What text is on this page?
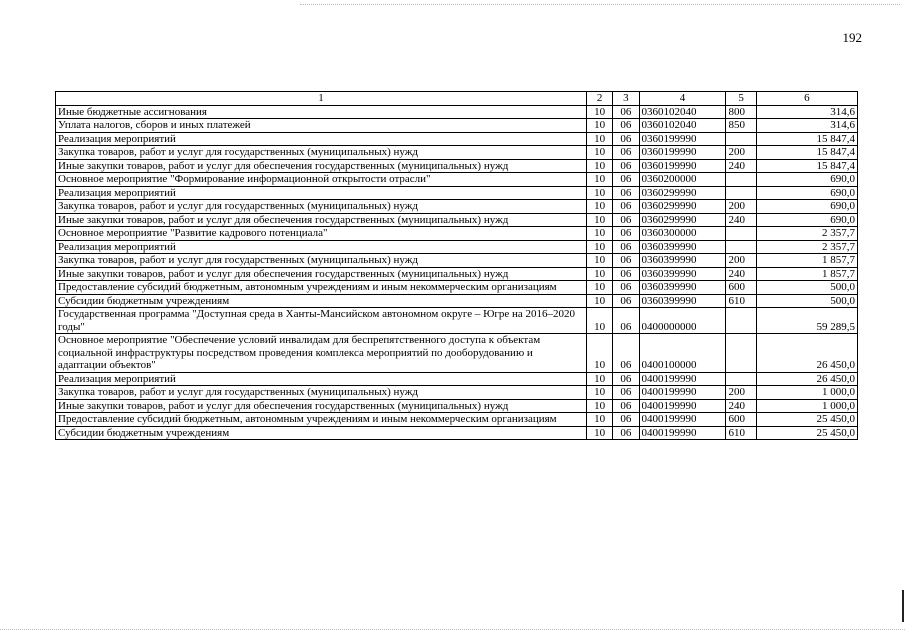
192
1	2	3	4	5	6
Иные бюджетные ассигнования	10	06	0360102040	800	314,6
Уплата налогов, сборов и иных платежей	10	06	0360102040	850	314,6
Реализация мероприятий	10	06	0360199990		15 847,4
Закупка товаров, работ и услуг для государственных (муниципальных) нужд	10	06	0360199990	200	15 847,4
Иные закупки товаров, работ и услуг для обеспечения государственных (муниципальных) нужд	10	06	0360199990	240	15 847,4
Основное мероприятие "Формирование информационной открытости отрасли"	10	06	0360200000		690,0
Реализация мероприятий	10	06	0360299990		690,0
Закупка товаров, работ и услуг для государственных (муниципальных) нужд	10	06	0360299990	200	690,0
Иные закупки товаров, работ и услуг для обеспечения государственных (муниципальных) нужд	10	06	0360299990	240	690,0
Основное мероприятие "Развитие кадрового потенциала"	10	06	0360300000		2 357,7
Реализация мероприятий	10	06	0360399990		2 357,7
Закупка товаров, работ и услуг для государственных (муниципальных) нужд	10	06	0360399990	200	1 857,7
Иные закупки товаров, работ и услуг для обеспечения государственных (муниципальных) нужд	10	06	0360399990	240	1 857,7
Предоставление субсидий бюджетным, автономным учреждениям и иным некоммерческим организациям	10	06	0360399990	600	500,0
Субсидии бюджетным учреждениям	10	06	0360399990	610	500,0
Государственная программа "Доступная среда в Ханты-Мансийском автономном округе – Югре на 2016–2020 годы"	10	06	0400000000		59 289,5
Основное мероприятие "Обеспечение условий инвалидам для беспрепятственного доступа к объектам социальной инфраструктуры посредством проведения комплекса мероприятий по дооборудованию и адаптации объектов"	10	06	0400100000		26 450,0
Реализация мероприятий	10	06	0400199990		26 450,0
Закупка товаров, работ и услуг для государственных (муниципальных) нужд	10	06	0400199990	200	1 000,0
Иные закупки товаров, работ и услуг для обеспечения государственных (муниципальных) нужд	10	06	0400199990	240	1 000,0
Предоставление субсидий бюджетным, автономным учреждениям и иным некоммерческим организациям	10	06	0400199990	600	25 450,0
Субсидии бюджетным учреждениям	10	06	0400199990	610	25 450,0
